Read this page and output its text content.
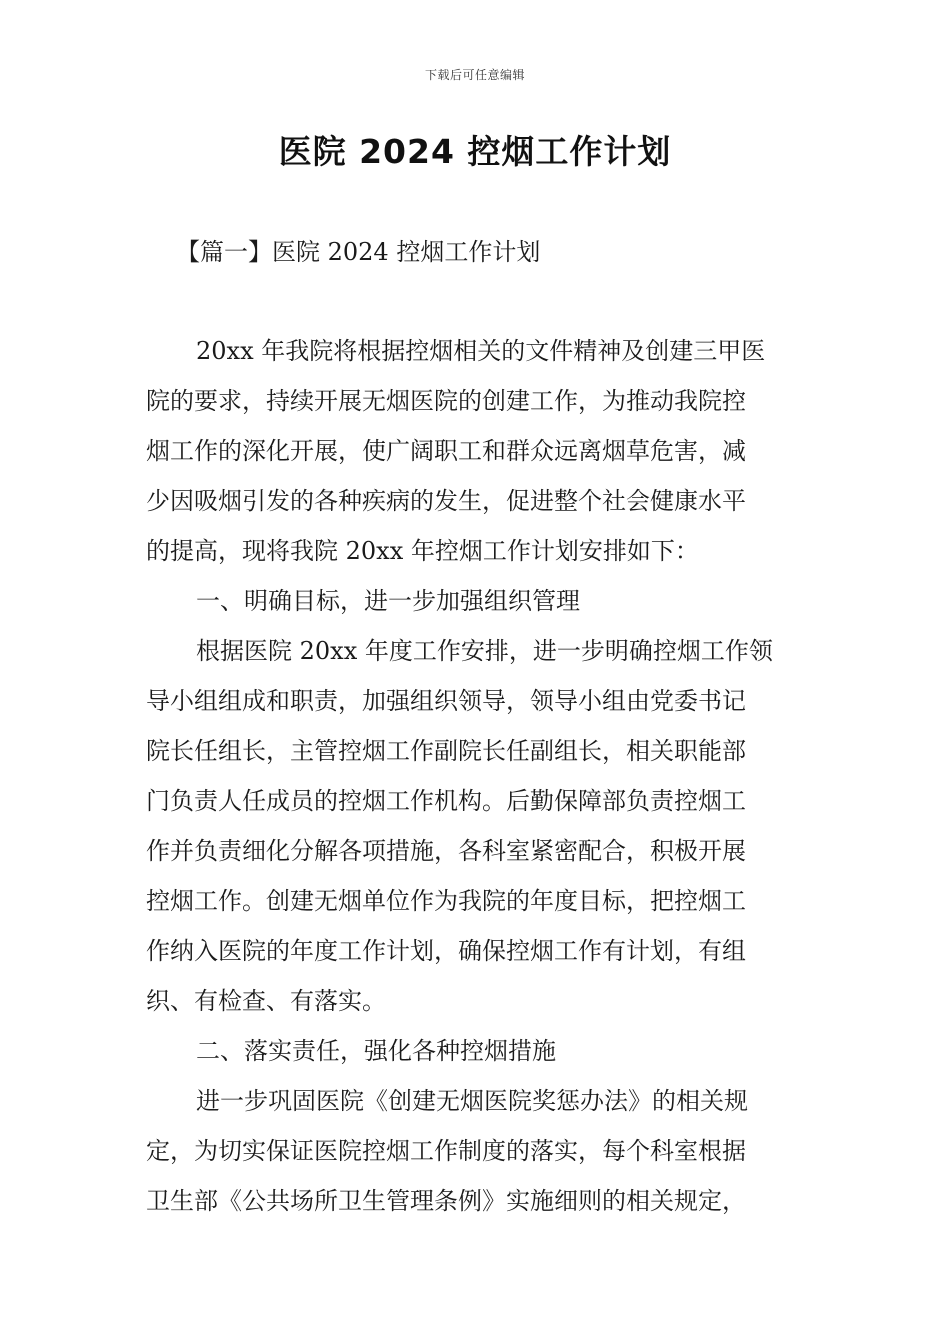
下载后可任意编辑
医院 2024 控烟工作计划
【篇一】医院 2024 控烟工作计划
20xx 年我院将根据控烟相关的文件精神及创建三甲医
院的要求，持续开展无烟医院的创建工作，为推动我院控
烟工作的深化开展，使广阔职工和群众远离烟草危害，减
少因吸烟引发的各种疾病的发生，促进整个社会健康水平
的提高，现将我院 20xx 年控烟工作计划安排如下：
一、明确目标，进一步加强组织管理
根据医院 20xx 年度工作安排，进一步明确控烟工作领
导小组组成和职责，加强组织领导，领导小组由党委书记
院长任组长，主管控烟工作副院长任副组长，相关职能部
门负责人任成员的控烟工作机构。后勤保障部负责控烟工
作并负责细化分解各项措施，各科室紧密配合，积极开展
控烟工作。创建无烟单位作为我院的年度目标，把控烟工
作纳入医院的年度工作计划，确保控烟工作有计划，有组
织、有检查、有落实。
二、落实责任，强化各种控烟措施
进一步巩固医院《创建无烟医院奖惩办法》的相关规
定，为切实保证医院控烟工作制度的落实，每个科室根据
卫生部《公共场所卫生管理条例》实施细则的相关规定，
